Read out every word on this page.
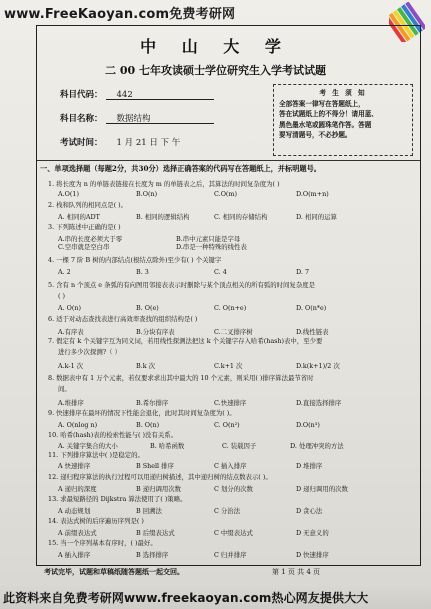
www.FreeKaoyan.com免费考研网
中 山 大 学
二 00 七年攻读硕士学位研究生入学考试试题
科目代码： 442
科目名称： 数据结构
考试时间： 1 月 21 日 下 午
考 生 须 知
全部答案一律写在答题纸上，
答在试题纸上的不得分！请用蓝、
黑色墨水笔或圆珠笔作答。答题
要写清题号，不必抄题。
一、单项选择题（每题2分，共30分）选择正确答案的代码写在答题纸上，并标明题号。
1. 将长度为 n 的单链表链接在长度为 m 的单链表之后，其算法的时间复杂度为( )
A.O(1)	B.O(n)	C.O(m)	D.O(m+n)
2. 栈和队列的相同点是( )。
A. 相同的ADT	B. 相同的逻辑结构	C. 相同的存储结构	D. 相同的运算
3. 下列陈述中正确的是( )
A.串的长度必须大于零	B.串中元素只能是字母
C.空串就是空白串	D.串是一种特殊的线性表
4. 一棵 7 阶 B 树的内部结点(根结点除外)至少有( ) 个关键字
A. 2	B. 3	C. 4	D. 7
5. 含有 n 个顶点 e 条弧的有向图用邻接表表示时删除与某个顶点相关的所有弧的时间复杂度是
( )
A. O(n)	B. O(e)	C. O(n+e)	D. O(n*e)
6. 适于对动态查找表进行高效率查找的组织结构是( )
A.有序表	B.分块有序表	C.二叉排序树	D.线性链表
7. 假定有 k 个关键字互为同义词，若用线性探测法把这 k 个关键字存入哈希(hash)表中，至少要
进行多少次探测?（ ）
A.k-1 次	B.k 次	C.k+1 次	D.k(k+1)/2 次
8. 数据表中有 1 万个元素，若仅要求求出其中最大的 10 个元素，则采用( )排序算法最节省时
间。
A.堆排序	B.希尔排序	C.快速排序	D.直接选择排序
9. 快速排序在最坏的情况下性能会退化，此时其时间复杂度为( )。
A. O(nlog n)	B. O(n)	C. O(n²)	D.O(n³)
10. 哈希(hash)表的检索性能与( )没有关系。
A. 关键字集合的大小	B. 哈希函数	C. 装载因子	D. 处理冲突的方法
11. 下列排序算法中( )是稳定的。
A 快速排序	B Shell 排序	C 插入排序	D 堆排序
12. 递归程序算法的执行过程可以用递归树描述，其中递归树的结点数表示( )。
A 递归的深度	B 递归调用次数	C 划分的次数	D 递归调用的次数
13. 求最短路径的 Dijkstra 算法使用了( )策略。
A 动态规划	B 回溯法	C 分治法	D 贪心法
14. 表达式树的后序遍历序列是( )
A 前缀表达式	B 后缀表达式	C 中缀表达式	D 无意义的
15. 当一个序列基本有序时，( )最好。
A 插入排序	B 选择排序	C 归并排序	D 快速排序
考试完毕，试题和草稿纸随答题纸一起交回。	第 1 页 共 4 页
此资料来自免费考研网www.freekaoyan.com热心网友提供大大
